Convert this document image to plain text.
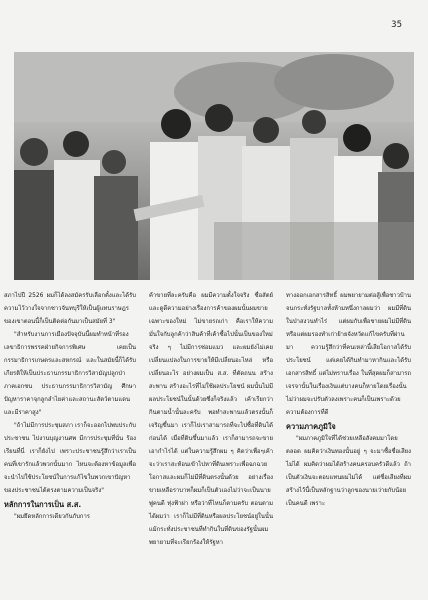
35

สภาไปปี 2526 ผมก็ได้ลงสมัครรับเลือกตั้งและได้รับความไว้วางใจจากชาวจันทบุรีให้เป็นผู้แทนราษฎรของเขาตอนนี้ก็เป็นติดต่อกันมาเป็นสมัยที่ 3"

"สำหรับงานการเมืองปัจจุบันนี้ผมทำหน้าที่รองเลขาธิการพรรคฝ่ายกิจการพิเศษ เคยเป็นกรรมาธิการเกษตรและสหกรณ์ และในสมัยนี้ก็ได้รับเกียรติให้เป็นประธานกรรมาธิการวิสามัญปลูกป่าภาคเอกชน ประธานกรรมาธิการวิสามัญ ศึกษาปัญหาราคาจุกลูกลำไยค่าและสถานะสัตว์ตามแดนและมีราคาสูง"

"ถ้าไม่มีการประชุมสภา เราก็จะออกไปพบประกับประชาชน ไปงานบุญงานศพ มีการประชุมที่นั่น ร้องเรียนที่นี่ เราก็ยังไป เพราะประชาชนรู้สึกว่าเราเป็นคนที่เขารักแล้วพวกนั้นมาก ไหนจะต้องหาข้อมูลเพื่อจะนำไปใช้ประโยชน์ในการแก้ไขในพวกเขาปัญหาของประชาชนได้ตรงตามความเป็นจริง"

หลักการในการเป็น ส.ส.

"ผมยึดหลักการเดียวกันกับการ

ค้าขายที่ละครับคือ ผมมีความตั้งใจจริง ซื่อสัตย์ และดูดีความอย่างเรื่องการค้าของผมนั้นผมขายเฉพาะของใหม่ ไม่ขายรถเก่า คือเราให้ความมั่นใจกับลูกค้าว่าสินค้าที่เค้าซื้อไปนั้นเป็นของใหม่จริง ๆ ไม่มีการซ่อมแมว และผมยังไม่เคยเปลี่ยนแปลงในการขายให้มีเปลี่ยนอะไหล่ หรือเปลี่ยนอะไร อย่างผมเป็น ส.ส. ที่ตัดถนน สร้างสะพาน สร้างอะไรที่ไม่ใช้ผลประโยชน์ ผมนั้นไม่มีผลประโยชน์ในนั้นด้วยซึ่งก็จริงแล้ว เค้าเรียกว่ากินตามน้ำนั้นละครับ พอทำสะพานแล้วตรงนั้นก็เจริญขึ้นมา เราก็ไปเราสามารถที่จะไปซื้อที่ดินได้ก่อนได้ เมื่อที่ดินขึ้นมาแล้ว เราก็สามารถจะขายเอากำไรได้ แต่ในความรู้สึกผม ๆ คิดว่าเพื่อๆเค้าจะว่าเราสะท้อนเข้าไปหาที่ดินเพราะเพื่อฉกฉวยโอกาสและผมก็ไม่มีที่ดินตรงนั้นด้วย อย่างเรื่องขายเหลือราบาทก็ผมก็เป็นตัวเองไม่ว่าจะเป็นนายพู่คนดี ทุ่งฟ้าผ่า หรือว่าที่ไหนก็ตามครับ ตอนตามได้ผมว่า เราก็ไม่มีที่ดินหรือผลประโยชน์อยู่ในนั้น แม้กระทั่งประชาชนที่ทำกินในที่ดินของรัฐนั้นผมพยายามที่จะเรียกร้องให้รัฐหา

ทางออกเอกสารสิทธิ์ ผมพยายามต่อสู้เพื่อชาวบ้าน จนกระทั่งรัฐบาลทั้งห้ามหนึ่งกาลผมว่า ผมมีที่ดินในป่าสงวนทำไร่ แต่ผมกับเพื่อชายผมไม่มีที่ดินหรือแต่ผมรองทำเก่าย้ายจังหวัดแก้ไขครับที่ผ่านมา ความรู้สึกว่าที่คนเหล่านี้เสียโอกาสได้รับประโยชน์ แต่เคยได้กินทำมาหากินและได้รับเอกสารสิทธิ์ แต่ไม่ทราบเรื่อง ในที่สุดผมก็สามารถเจรจานั้นในเรื่องเงินแต่บางคนก็หายโดยเรื่องนั้นไม่ว่าผมจะปรับตัวลงเพราะคนก็เป็นเพราะด้วยความต้องการที่ดี

ความภาคภูมิใจ

"ผมภาคภูมิใจที่ได้ช่วยเหลือสังคมมาโดยตลอด ผมคิดว่าเงินทองนั้นอยู่ ๆ จะมาซื้อชื่อเสียงไม่ได้ ผมคิดว่าผมได้สร้างคนครอบครัวดีแล้ว ถ้าเป็นตัวเงินจะตอบแทนผมไม่ได้ แต่ชื่อเสียงที่ผมสร้างไว้นี้เป็นหลักฐานว่าลูกของนายเว่ายกับน้อยเป็นคนดี เพราะ
